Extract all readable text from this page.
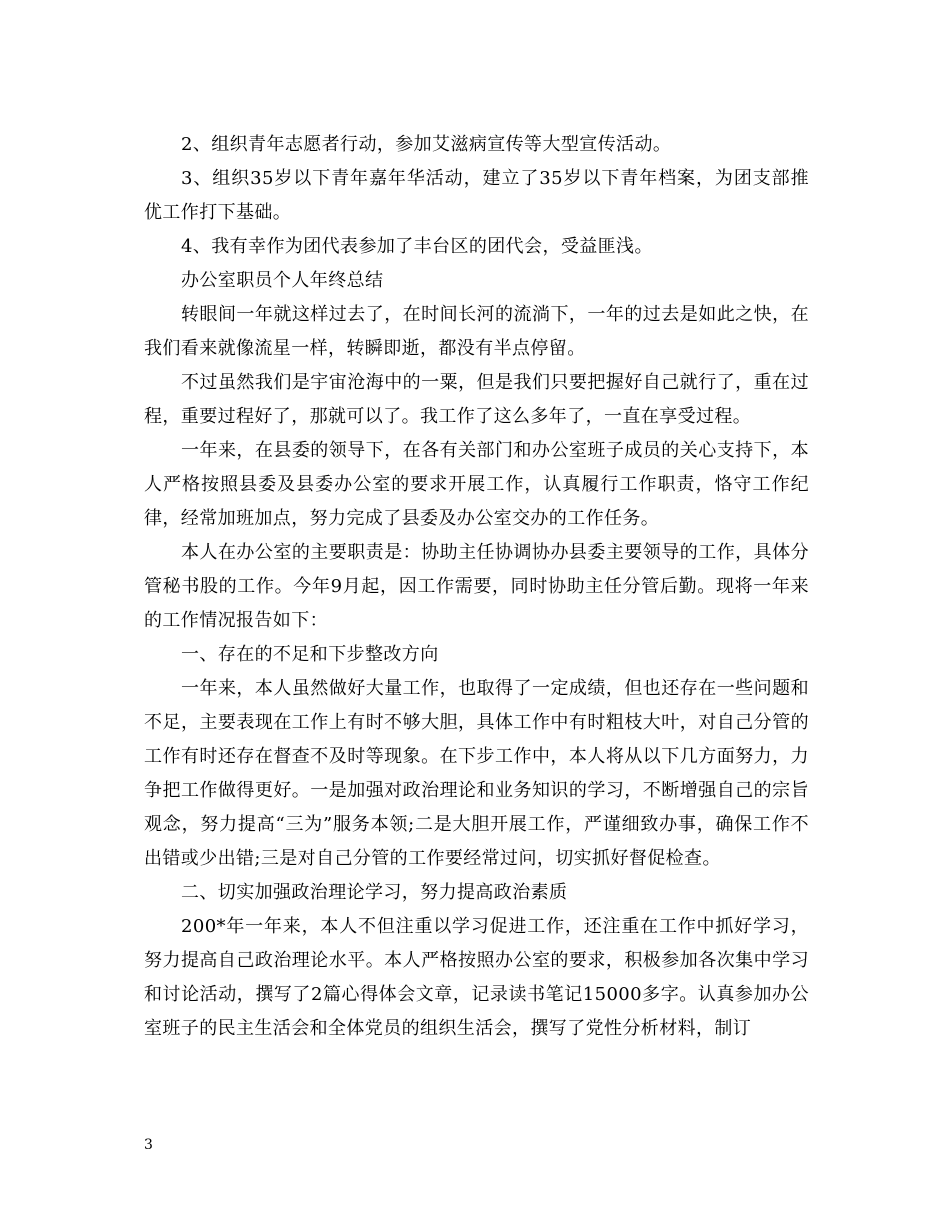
2、组织青年志愿者行动，参加艾滋病宣传等大型宣传活动。

3、组织35岁以下青年嘉年华活动，建立了35岁以下青年档案，为团支部推优工作打下基础。

4、我有幸作为团代表参加了丰台区的团代会，受益匪浅。

办公室职员个人年终总结

转眼间一年就这样过去了，在时间长河的流淌下，一年的过去是如此之快，在我们看来就像流星一样，转瞬即逝，都没有半点停留。

不过虽然我们是宇宙沧海中的一粟，但是我们只要把握好自己就行了，重在过程，重要过程好了，那就可以了。我工作了这么多年了，一直在享受过程。

一年来，在县委的领导下，在各有关部门和办公室班子成员的关心支持下，本人严格按照县委及县委办公室的要求开展工作，认真履行工作职责，恪守工作纪律，经常加班加点，努力完成了县委及办公室交办的工作任务。

本人在办公室的主要职责是：协助主任协调协办县委主要领导的工作，具体分管秘书股的工作。今年9月起，因工作需要，同时协助主任分管后勤。现将一年来的工作情况报告如下：

一、存在的不足和下步整改方向

一年来，本人虽然做好大量工作，也取得了一定成绩，但也还存在一些问题和不足，主要表现在工作上有时不够大胆，具体工作中有时粗枝大叶，对自己分管的工作有时还存在督查不及时等现象。在下步工作中，本人将从以下几方面努力，力争把工作做得更好。一是加强对政治理论和业务知识的学习，不断增强自己的宗旨观念，努力提高“三为”服务本领;二是大胆开展工作，严谨细致办事，确保工作不出错或少出错;三是对自己分管的工作要经常过问，切实抓好督促检查。

二、切实加强政治理论学习，努力提高政治素质

200*年一年来，本人不但注重以学习促进工作，还注重在工作中抓好学习，努力提高自己政治理论水平。本人严格按照办公室的要求，积极参加各次集中学习和讨论活动，撰写了2篇心得体会文章，记录读书笔记15000多字。认真参加办公室班子的民主生活会和全体党员的组织生活会，撰写了党性分析材料，制订

3
